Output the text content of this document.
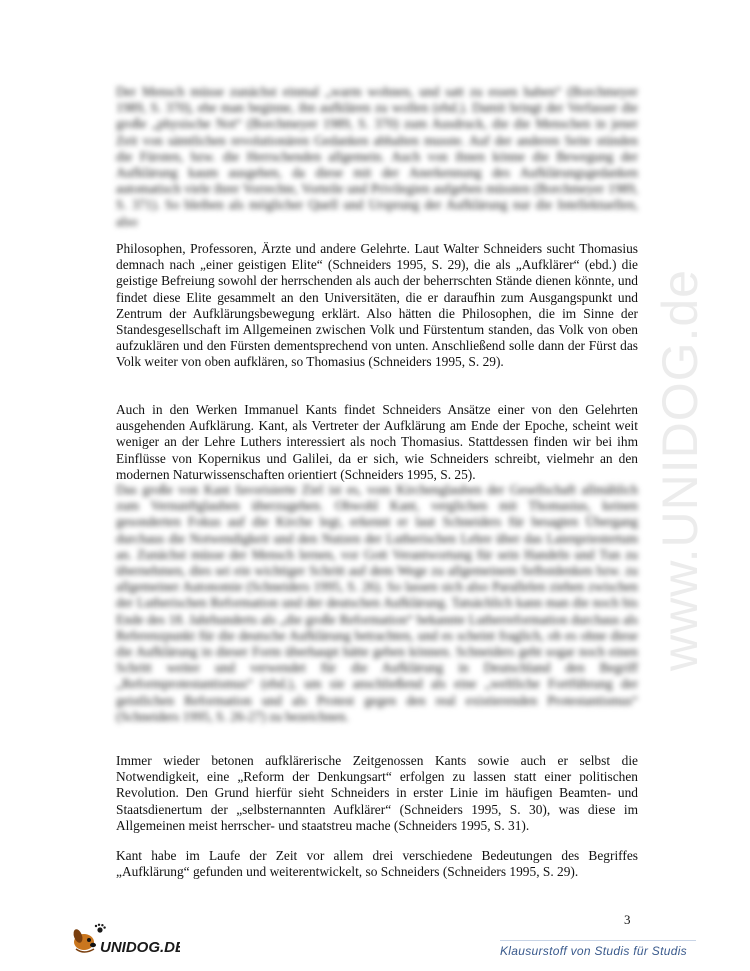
www.UNIDOG.de

Der Mensch müsse zunächst einmal „warm wohnen, und satt zu essen haben“ (Borchmeyer 1989, S. 370), ehe man beginne, ihn aufklären zu wollen (ebd.). Damit bringt der Verfasser die große „physische Not“ (Borchmeyer 1989, S. 370) zum Ausdruck, die die Menschen in jener Zeit von sämtlichen revolutionären Gedanken abhalten musste. Auf der anderen Seite stünden die Fürsten, bzw. die Herrschenden allgemein. Auch von ihnen könne die Bewegung der Aufklärung kaum ausgehen, da diese mit der Anerkennung des Aufklärungsgedanken automatisch viele ihrer Vorrechte, Vorteile und Privilegien aufgeben müssten (Borchmeyer 1989, S. 371). So bleiben als möglicher Quell und Ursprung der Aufklärung nur die Intellektuellen, also

Philosophen, Professoren, Ärzte und andere Gelehrte. Laut Walter Schneiders sucht Thomasius demnach nach „einer geistigen Elite“ (Schneiders 1995, S. 29), die als „Aufklärer“ (ebd.) die geistige Befreiung sowohl der herrschenden als auch der beherrschten Stände dienen könnte, und findet diese Elite gesammelt an den Universitäten, die er daraufhin zum Ausgangspunkt und Zentrum der Aufklärungsbewegung erklärt. Also hätten die Philosophen, die im Sinne der Standesgesellschaft im Allgemeinen zwischen Volk und Fürstentum standen, das Volk von oben aufzuklären und den Fürsten dementsprechend von unten. Anschließend solle dann der Fürst das Volk weiter von oben aufklären, so Thomasius (Schneiders 1995, S. 29).

Auch in den Werken Immanuel Kants findet Schneiders Ansätze einer von den Gelehrten ausgehenden Aufklärung. Kant, als Vertreter der Aufklärung am Ende der Epoche, scheint weit weniger an der Lehre Luthers interessiert als noch Thomasius. Stattdessen finden wir bei ihm Einflüsse von Kopernikus und Galilei, da er sich, wie Schneiders schreibt, vielmehr an den modernen Naturwissenschaften orientiert (Schneiders 1995, S. 25).

Das große von Kant favorisierte Ziel ist es, vom Kirchenglauben der Gesellschaft allmählich zum Vernunftglauben überzugehen. Obwohl Kant, verglichen mit Thomasius, keinen gesonderten Fokus auf die Kirche legt, erkennt er laut Schneiders für besagten Übergang durchaus die Notwendigkeit und den Nutzen der Lutherischen Lehre über das Laienpriestertum an. Zunächst müsse der Mensch lernen, vor Gott Verantwortung für sein Handeln und Tun zu übernehmen, dies sei ein wichtiger Schritt auf dem Wege zu allgemeinem Selbstdenken bzw. zu allgemeiner Autonomie (Schneiders 1995, S. 26). So lassen sich also Parallelen ziehen zwischen der Lutherischen Reformation und der deutschen Aufklärung. Tatsächlich kann man die noch bis Ende des 18. Jahrhunderts als „die große Reformation“ bekannte Lutherreformation durchaus als Referenzpunkt für die deutsche Aufklärung betrachten, und es scheint fraglich, ob es ohne diese die Aufklärung in dieser Form überhaupt hätte geben können. Schneiders geht sogar noch einen Schritt weiter und verwendet für die Aufklärung in Deutschland den Begriff „Reformprotestantismus“ (ebd.), um sie anschließend als eine „weltliche Fortführung der geistlichen Reformation und als Protest gegen den real existierenden Protestantismus“ (Schneiders 1995, S. 26-27) zu bezeichnen.

Immer wieder betonen aufklärerische Zeitgenossen Kants sowie auch er selbst die Notwendigkeit, eine „Reform der Denkungsart“ erfolgen zu lassen statt einer politischen Revolution. Den Grund hierfür sieht Schneiders in erster Linie im häufigen Beamten- und Staatsdienertum der „selbsternannten Aufklärer“ (Schneiders 1995, S. 30), was diese im Allgemeinen meist herrscher- und staatstreu mache (Schneiders 1995, S. 31).

Kant habe im Laufe der Zeit vor allem drei verschiedene Bedeutungen des Begriffes „Aufklärung“ gefunden und weiterentwickelt, so Schneiders (Schneiders 1995, S. 29).

3
UNIDOG.DE	Klausurstoff von Studis für Studis
